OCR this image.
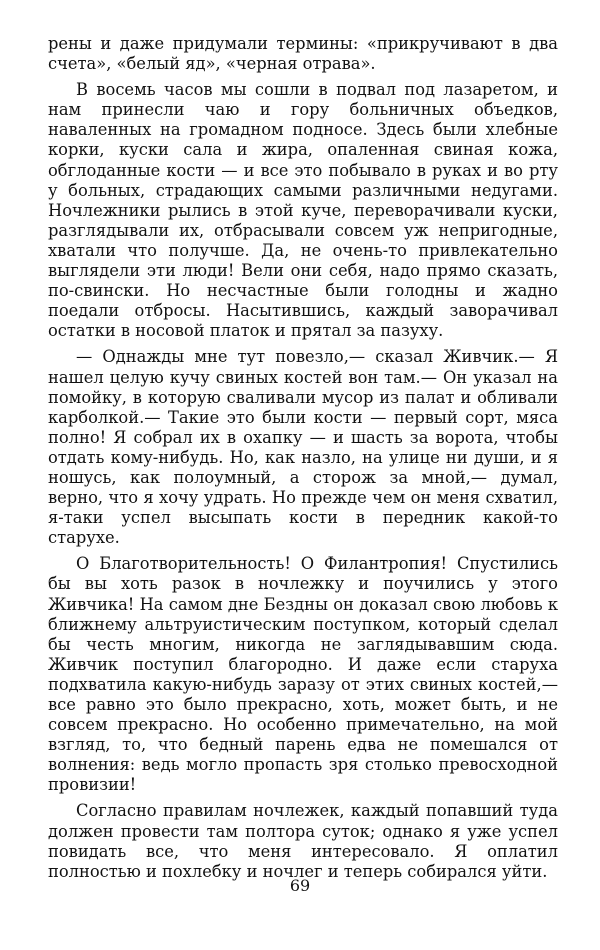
рены и даже придумали термины: «прикручивают в два счета», «белый яд», «черная отрава».

В восемь часов мы сошли в подвал под лазаретом, и нам принесли чаю и гору больничных объедков, наваленных на громадном подносе. Здесь были хлебные корки, куски сала и жира, опаленная свиная кожа, обглоданные кости — и все это побывало в руках и во рту у больных, страдающих самыми различными недугами. Ночлежники рылись в этой куче, переворачивали куски, разглядывали их, отбрасывали совсем уж непригодные, хватали что получше. Да, не очень-то привлекательно выглядели эти люди! Вели они себя, надо прямо сказать, по-свински. Но несчастные были голодны и жадно поедали отбросы. Насытившись, каждый заворачивал остатки в носовой платок и прятал за пазуху.

— Однажды мне тут повезло,— сказал Живчик.— Я нашел целую кучу свиных костей вон там.— Он указал на помойку, в которую сваливали мусор из палат и обливали карболкой.— Такие это были кости — первый сорт, мяса полно! Я собрал их в охапку — и шасть за ворота, чтобы отдать кому-нибудь. Но, как назло, на улице ни души, и я ношусь, как полоумный, а сторож за мной,— думал, верно, что я хочу удрать. Но прежде чем он меня схватил, я-таки успел высыпать кости в передник какой-то старухе.

О Благотворительность! О Филантропия! Спустились бы вы хоть разок в ночлежку и поучились у этого Живчика! На самом дне Бездны он доказал свою любовь к ближнему альтруистическим поступком, который сделал бы честь многим, никогда не заглядывавшим сюда. Живчик поступил благородно. И даже если старуха подхватила какую-нибудь заразу от этих свиных костей,— все равно это было прекрасно, хоть, может быть, и не совсем прекрасно. Но особенно примечательно, на мой взгляд, то, что бедный парень едва не помешался от волнения: ведь могло пропасть зря столько превосходной провизии!

Согласно правилам ночлежек, каждый попавший туда должен провести там полтора суток; однако я уже успел повидать все, что меня интересовало. Я оплатил полностью и похлебку и ночлег и теперь собирался уйти.

69
